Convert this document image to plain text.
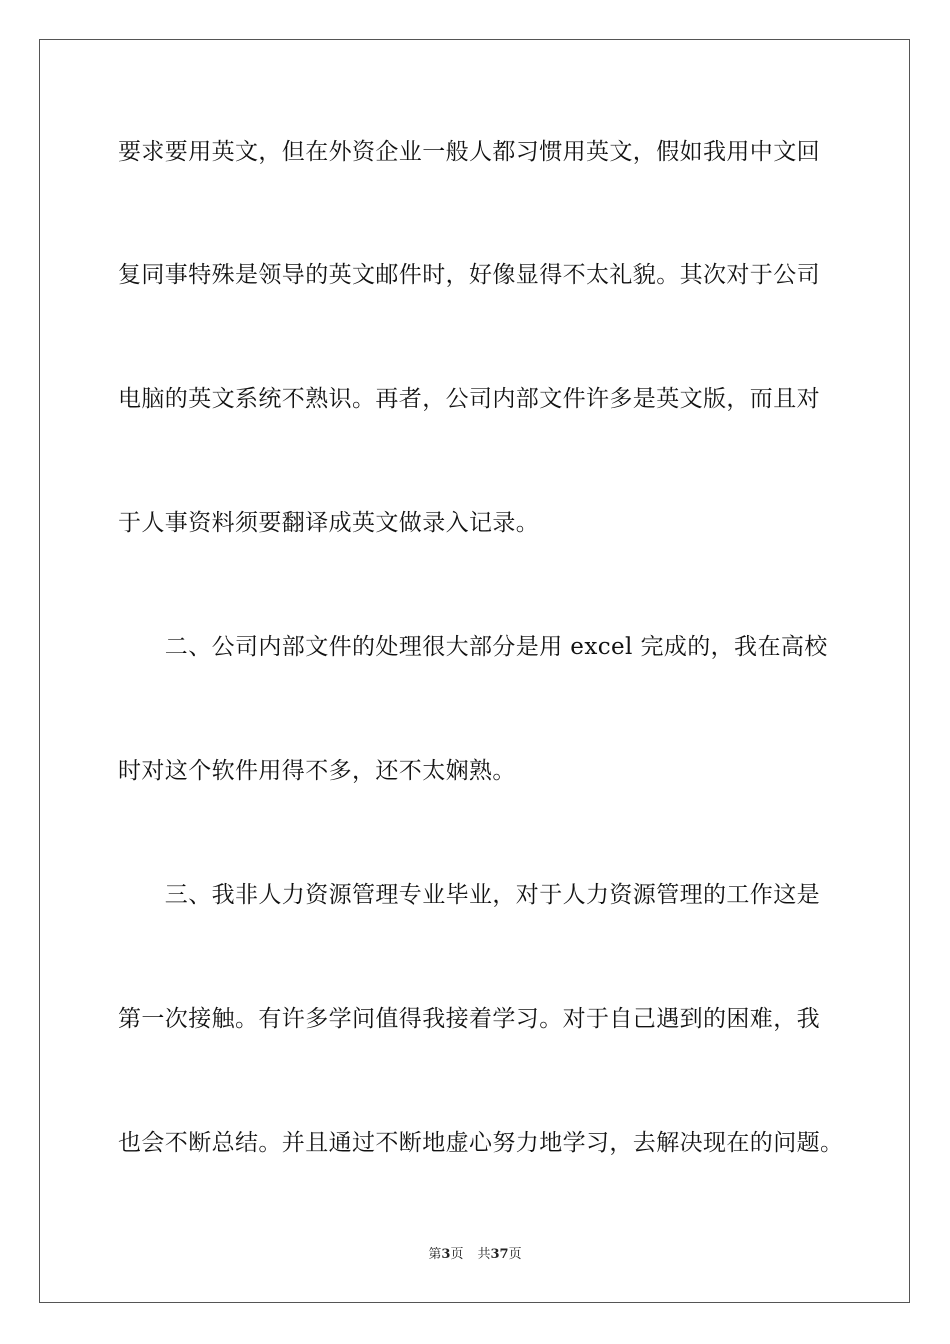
要求要用英文，但在外资企业一般人都习惯用英文，假如我用中文回
复同事特殊是领导的英文邮件时，好像显得不太礼貌。其次对于公司
电脑的英文系统不熟识。再者，公司内部文件许多是英文版，而且对
于人事资料须要翻译成英文做录入记录。
　　二、公司内部文件的处理很大部分是用 excel 完成的，我在高校
时对这个软件用得不多，还不太娴熟。
　　三、我非人力资源管理专业毕业，对于人力资源管理的工作这是
第一次接触。有许多学问值得我接着学习。对于自己遇到的困难，我
也会不断总结。并且通过不断地虚心努力地学习，去解决现在的问题。
第3页 共37页
